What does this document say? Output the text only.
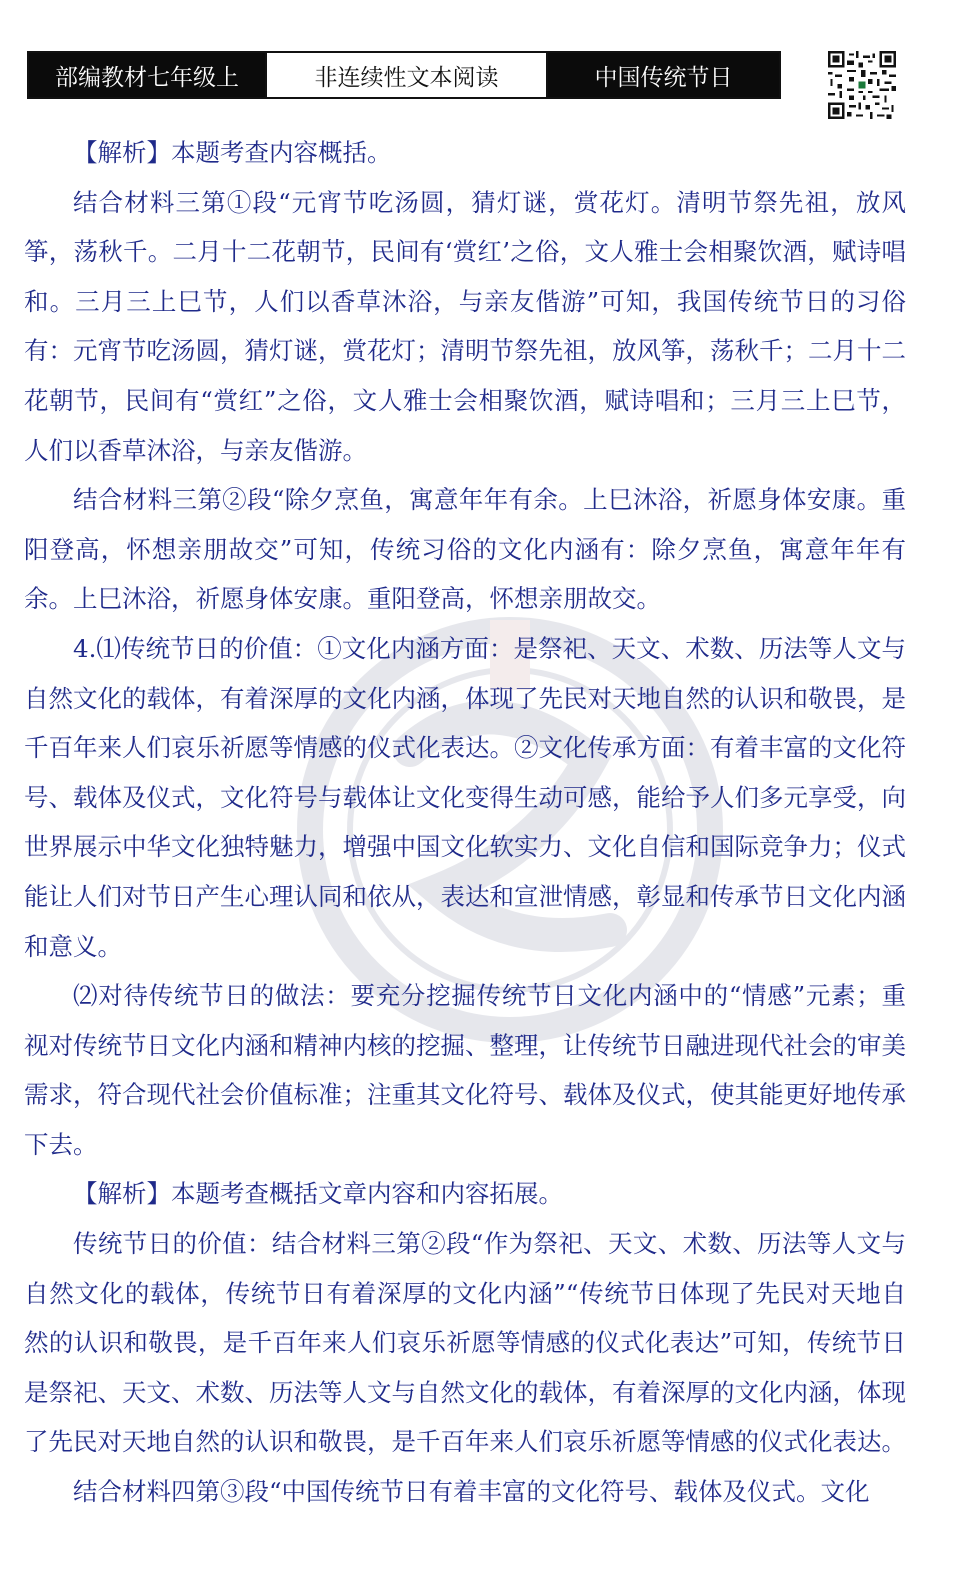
部编教材七年级上	非连续性文本阅读	中国传统节日

【解析】本题考查内容概括。

结合材料三第①段“元宵节吃汤圆，猜灯谜，赏花灯。清明节祭先祖，放风筝，荡秋千。二月十二花朝节，民间有‘赏红’之俗，文人雅士会相聚饮酒，赋诗唱和。三月三上巳节，人们以香草沐浴，与亲友偕游”可知，我国传统节日的习俗有：元宵节吃汤圆，猜灯谜，赏花灯；清明节祭先祖，放风筝，荡秋千；二月十二花朝节，民间有“赏红”之俗，文人雅士会相聚饮酒，赋诗唱和；三月三上巳节，人们以香草沐浴，与亲友偕游。

结合材料三第②段“除夕烹鱼，寓意年年有余。上巳沐浴，祈愿身体安康。重阳登高，怀想亲朋故交”可知，传统习俗的文化内涵有：除夕烹鱼，寓意年年有余。上巳沐浴，祈愿身体安康。重阳登高，怀想亲朋故交。

4.⑴传统节日的价值：①文化内涵方面：是祭祀、天文、术数、历法等人文与自然文化的载体，有着深厚的文化内涵，体现了先民对天地自然的认识和敬畏，是千百年来人们哀乐祈愿等情感的仪式化表达。②文化传承方面：有着丰富的文化符号、载体及仪式，文化符号与载体让文化变得生动可感，能给予人们多元享受，向世界展示中华文化独特魅力，增强中国文化软实力、文化自信和国际竞争力；仪式能让人们对节日产生心理认同和依从，表达和宣泄情感，彰显和传承节日文化内涵和意义。

⑵对待传统节日的做法：要充分挖掘传统节日文化内涵中的“情感”元素；重视对传统节日文化内涵和精神内核的挖掘、整理，让传统节日融进现代社会的审美需求，符合现代社会价值标准；注重其文化符号、载体及仪式，使其能更好地传承下去。

【解析】本题考查概括文章内容和内容拓展。

传统节日的价值：结合材料三第②段“作为祭祀、天文、术数、历法等人文与自然文化的载体，传统节日有着深厚的文化内涵”“传统节日体现了先民对天地自然的认识和敬畏，是千百年来人们哀乐祈愿等情感的仪式化表达”可知，传统节日是祭祀、天文、术数、历法等人文与自然文化的载体，有着深厚的文化内涵，体现了先民对天地自然的认识和敬畏，是千百年来人们哀乐祈愿等情感的仪式化表达。

结合材料四第③段“中国传统节日有着丰富的文化符号、载体及仪式。文化
